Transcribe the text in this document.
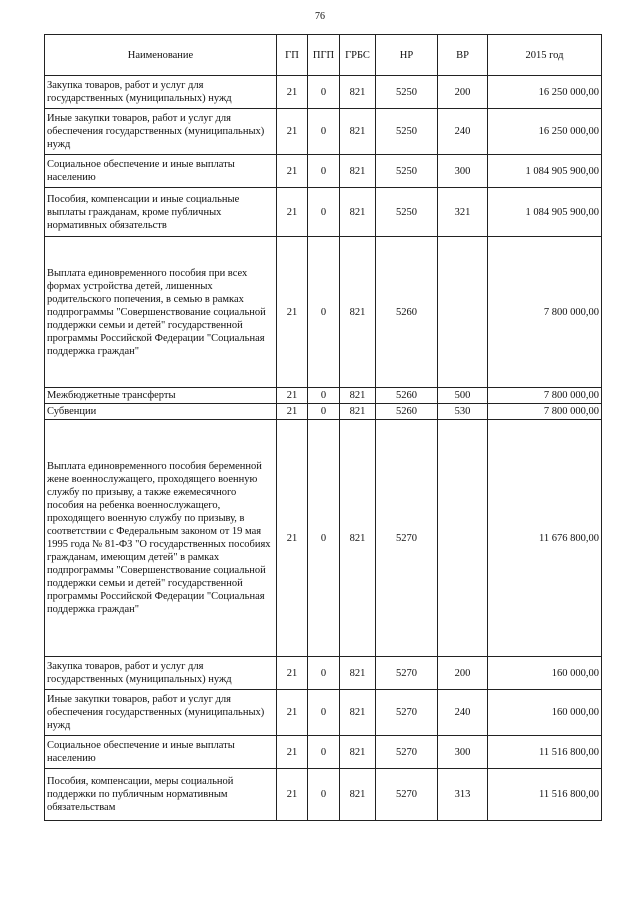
76
Наименование	ГП	ПГП	ГРБС	НР	ВР	2015 год
Закупка товаров, работ и услуг для государственных (муниципальных) нужд	21	0	821	5250	200	16 250 000,00
Иные закупки товаров, работ и услуг для обеспечения государственных (муниципальных) нужд	21	0	821	5250	240	16 250 000,00
Социальное обеспечение и иные выплаты населению	21	0	821	5250	300	1 084 905 900,00
Пособия, компенсации и иные социальные выплаты гражданам, кроме публичных нормативных обязательств	21	0	821	5250	321	1 084 905 900,00
Выплата единовременного пособия при всех формах устройства детей, лишенных родительского попечения, в семью в рамках подпрограммы "Совершенствование социальной поддержки семьи и детей" государственной программы Российской Федерации "Социальная поддержка граждан"	21	0	821	5260		7 800 000,00
Межбюджетные трансферты	21	0	821	5260	500	7 800 000,00
Субвенции	21	0	821	5260	530	7 800 000,00
Выплата единовременного пособия беременной жене военнослужащего, проходящего военную службу по призыву, а также ежемесячного пособия на ребенка военнослужащего, проходящего военную службу по призыву, в соответствии с Федеральным законом от 19 мая 1995 года № 81-ФЗ "О государственных пособиях гражданам, имеющим детей" в рамках подпрограммы "Совершенствование социальной поддержки семьи и детей" государственной программы Российской Федерации "Социальная поддержка граждан"	21	0	821	5270		11 676 800,00
Закупка товаров, работ и услуг для государственных (муниципальных) нужд	21	0	821	5270	200	160 000,00
Иные закупки товаров, работ и услуг для обеспечения государственных (муниципальных) нужд	21	0	821	5270	240	160 000,00
Социальное обеспечение и иные выплаты населению	21	0	821	5270	300	11 516 800,00
Пособия, компенсации, меры социальной поддержки по публичным нормативным обязательствам	21	0	821	5270	313	11 516 800,00
